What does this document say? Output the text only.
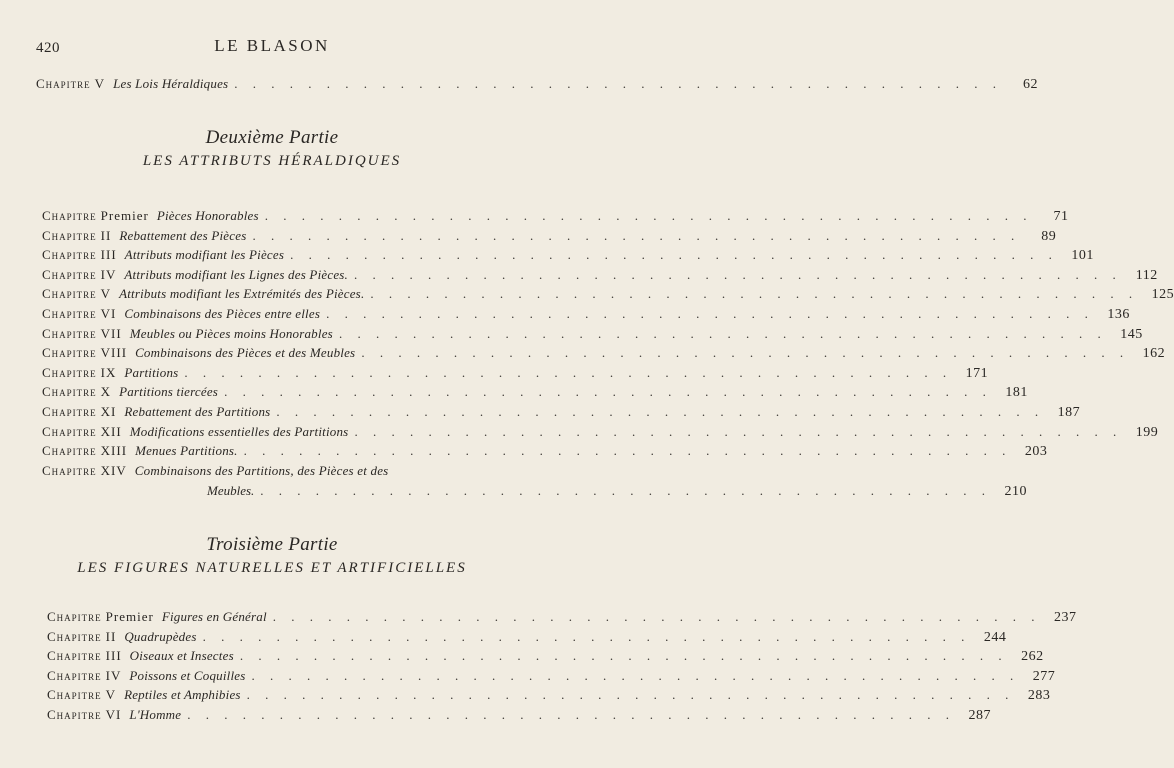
420	LE BLASON
Chapitre V Les Lois Héraldiques . . . . . . . . . . . . . . . . . . . . . . . . . . . . . . . . . . . . . . . . . .	62
Deuxième Partie
LES ATTRIBUTS HÉRALDIQUES
Chapitre Premier Pièces Honorables . . . . . . . . . . . . . . . . . . . . . . . . . . . . . . . . . . . . . . . . . .	71
Chapitre II Rebattement des Pièces . . . . . . . . . . . . . . . . . . . . . . . . . . . . . . . . . . . . . . . . . .	89
Chapitre III Attributs modifiant les Pièces . . . . . . . . . . . . . . . . . . . . . . . . . . . . . . . . . . . . . . . . . . 101
Chapitre IV Attributs modifiant les Lignes des Pièces. . . . . . . . . . . . . . . . . . . . . . . . . . . . . . . . . . . . . . . . . . .	112
Chapitre V Attributs modifiant les Extrémités des Pièces. . . . . . . . . . . . . . . . . . . . . . . . . . . . . . . . . . . . . . . . . . . 125
Chapitre VI Combinaisons des Pièces entre elles . . . . . . . . . . . . . . . . . . . . . . . . . . . . . . . . . . . . . . . . . . 136
Chapitre VII Meubles ou Pièces moins Honorables . . . . . . . . . . . . . . . . . . . . . . . . . . . . . . . . . . . . . . . . . . 145
Chapitre VIII Combinaisons des Pièces et des Meubles . . . . . . . . . . . . . . . . . . . . . . . . . . . . . . . . . . . . . . . . . . 162
Chapitre IX Partitions . . . . . . . . . . . . . . . . . . . . . . . . . . . . . . . . . . . . . . . . . . 171
Chapitre X Partitions tiercées . . . . . . . . . . . . . . . . . . . . . . . . . . . . . . . . . . . . . . . . . . 181
Chapitre XI Rebattement des Partitions . . . . . . . . . . . . . . . . . . . . . . . . . . . . . . . . . . . . . . . . . . 187
Chapitre XII Modifications essentielles des Partitions . . . . . . . . . . . . . . . . . . . . . . . . . . . . . . . . . . . . . . . . . . 199
Chapitre XIII Menues Partitions. . . . . . . . . . . . . . . . . . . . . . . . . . . . . . . . . . . . . . . . . . . 203
Chapitre XIV Combinaisons des Partitions, des Pièces et des
Meubles. . . . . . . . . . . . . . . . . . . . . . . . . . . . . . . . . . . . . . . . . 210
Troisième Partie
LES FIGURES NATURELLES ET ARTIFICIELLES
Chapitre Premier Figures en Général . . . . . . . . . . . . . . . . . . . . . . . . . . . . . . . . . . . . . . . . . . 237
Chapitre II Quadrupèdes . . . . . . . . . . . . . . . . . . . . . . . . . . . . . . . . . . . . . . . . . . 244
Chapitre III Oiseaux et Insectes . . . . . . . . . . . . . . . . . . . . . . . . . . . . . . . . . . . . . . . . . . 262
Chapitre IV Poissons et Coquilles . . . . . . . . . . . . . . . . . . . . . . . . . . . . . . . . . . . . . . . . . . 277
Chapitre V Reptiles et Amphibies . . . . . . . . . . . . . . . . . . . . . . . . . . . . . . . . . . . . . . . . . . 283
Chapitre VI L'Homme . . . . . . . . . . . . . . . . . . . . . . . . . . . . . . . . . . . . . . . . . . 287
